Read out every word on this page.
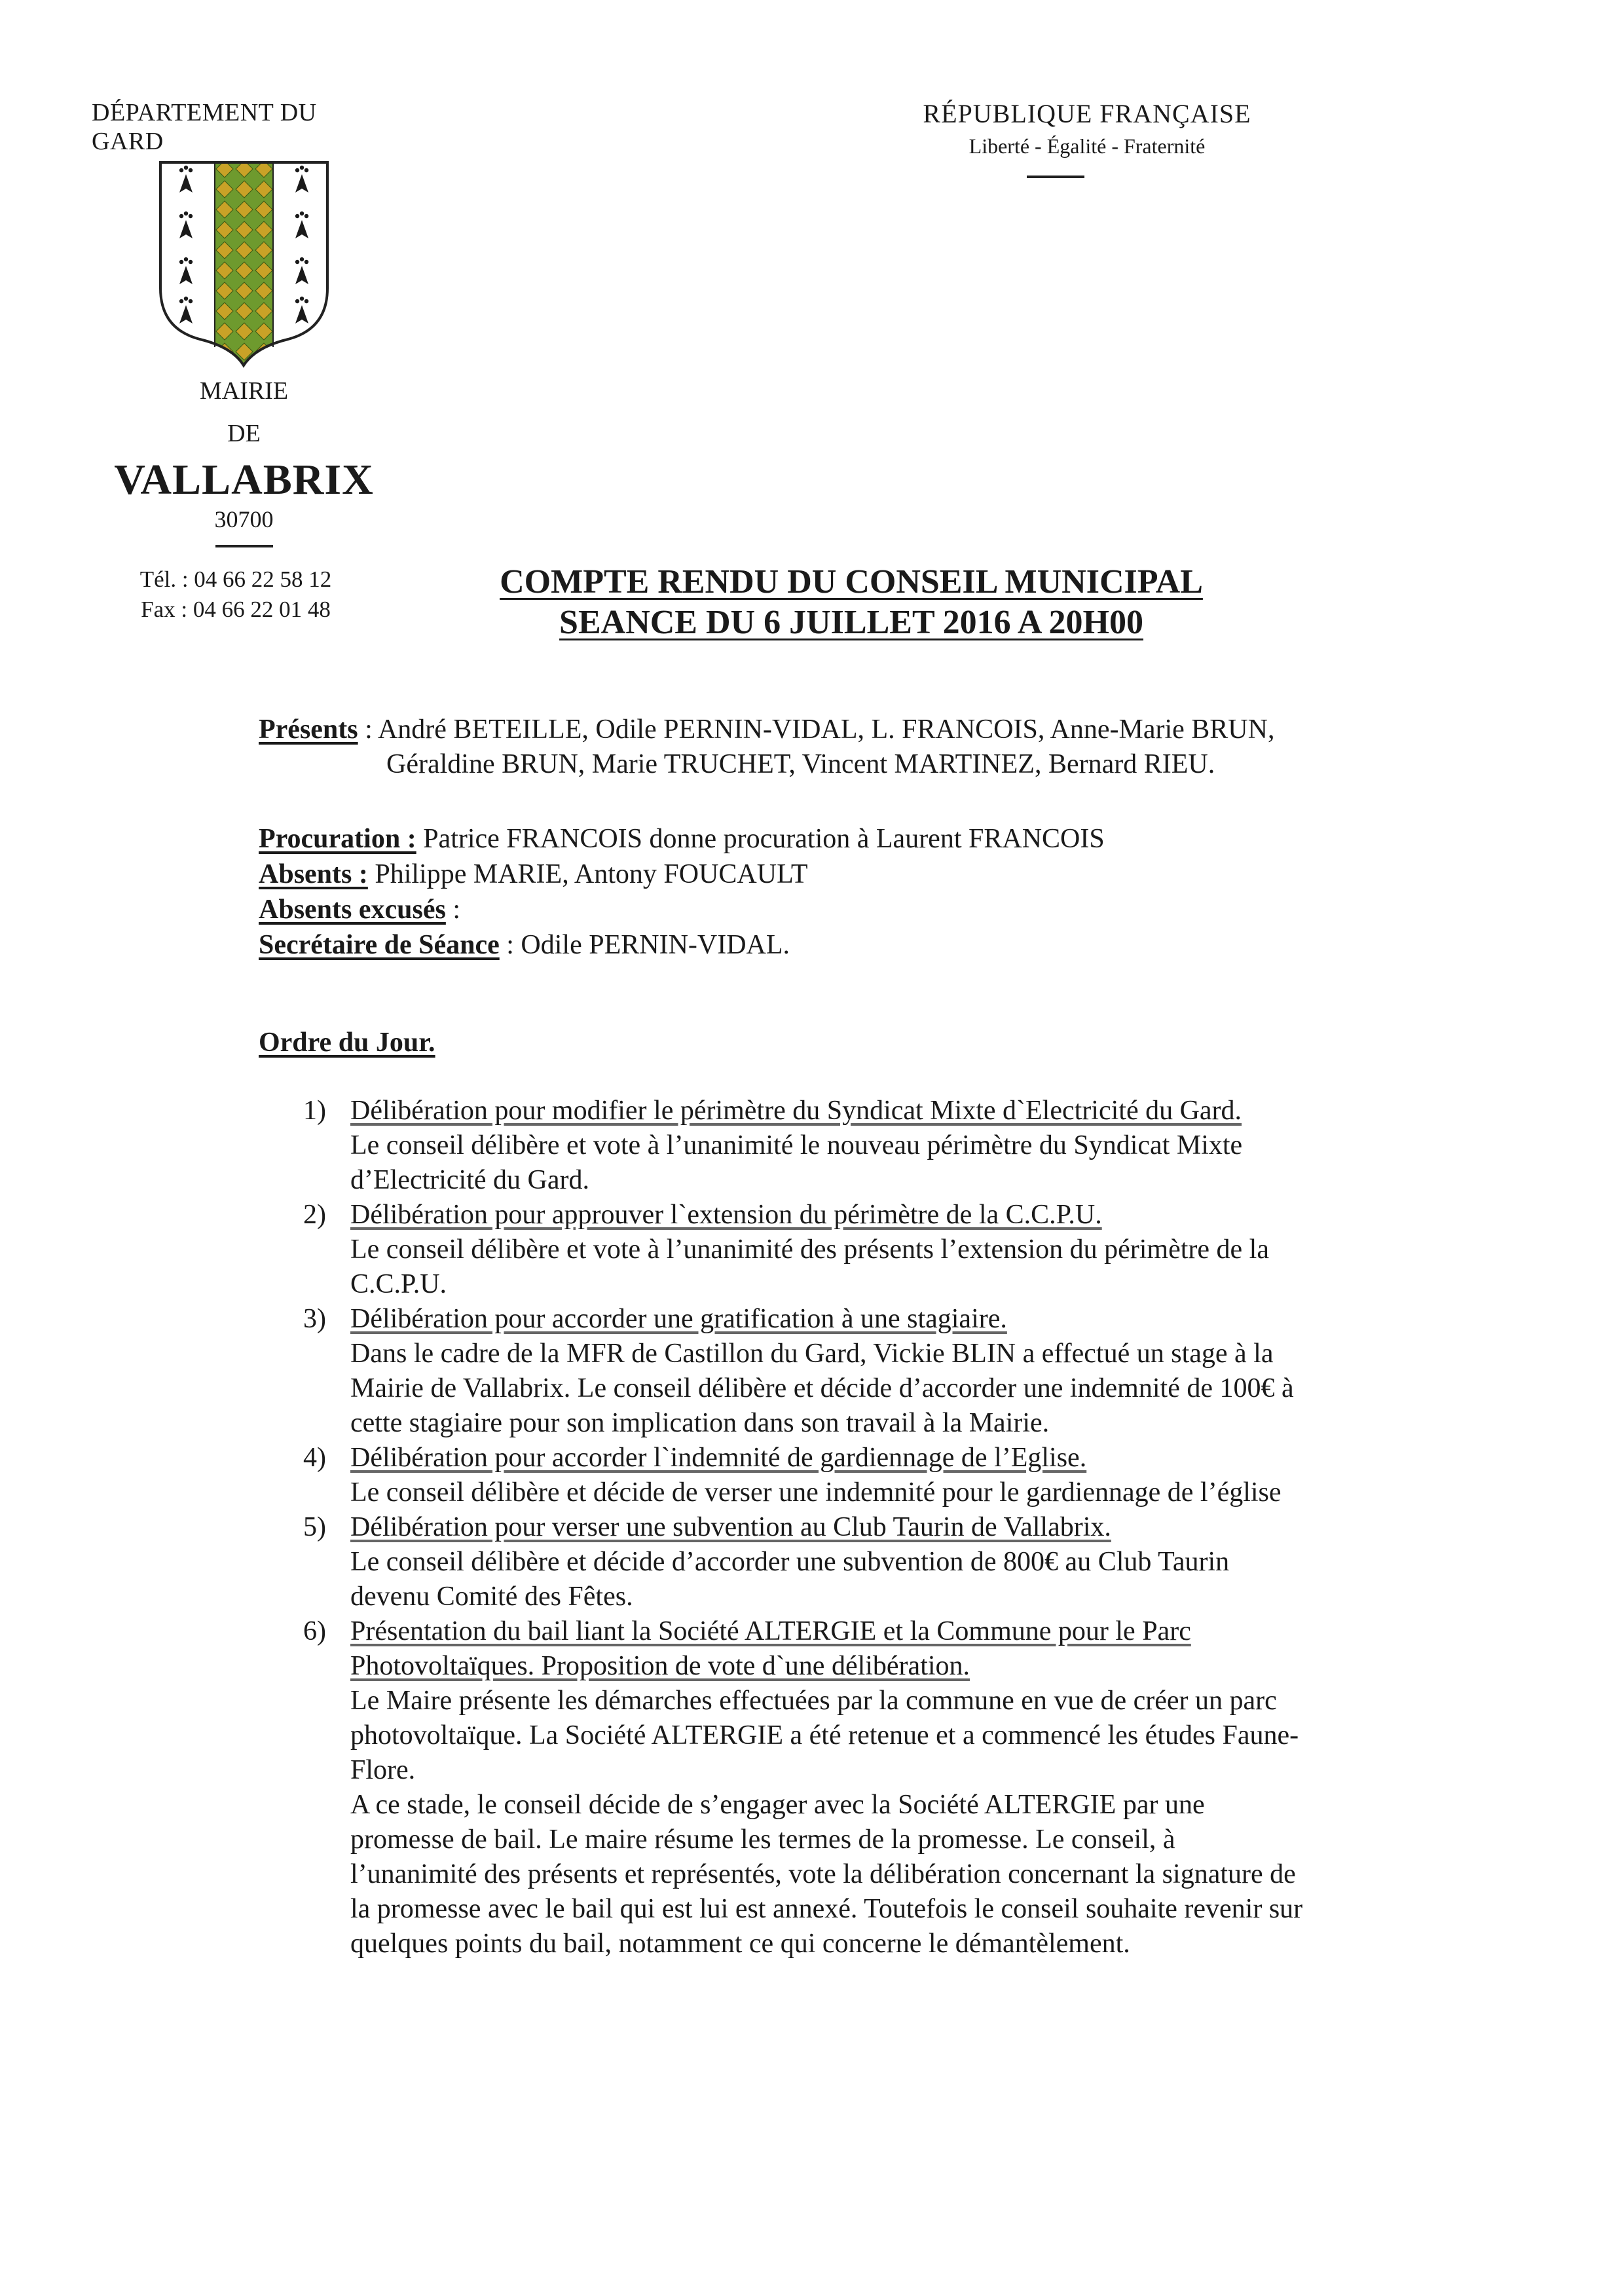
DÉPARTEMENT DU GARD
MAIRIE
DE
VALLABRIX
30700
Tél. : 04 66 22 58 12
Fax : 04 66 22 01 48
RÉPUBLIQUE FRANÇAISE
Liberté - Égalité - Fraternité
COMPTE RENDU DU CONSEIL MUNICIPAL
SEANCE DU 6 JUILLET 2016 A 20H00
Présents : André BETEILLE, Odile PERNIN-VIDAL, L. FRANCOIS, Anne-Marie BRUN,
Géraldine BRUN, Marie TRUCHET, Vincent MARTINEZ, Bernard RIEU.
Procuration : Patrice FRANCOIS donne procuration à Laurent FRANCOIS
Absents : Philippe MARIE, Antony FOUCAULT
Absents excusés :
Secrétaire de Séance : Odile PERNIN-VIDAL.
Ordre du Jour.
1) Délibération pour modifier le périmètre du Syndicat Mixte d`Electricité du Gard.
Le conseil délibère et vote à l’unanimité le nouveau périmètre du Syndicat Mixte
d’Electricité du Gard.
2) Délibération pour approuver l`extension du périmètre de la C.C.P.U.
Le conseil délibère et vote à l’unanimité des présents l’extension du périmètre de la
C.C.P.U.
3) Délibération pour accorder une gratification à une stagiaire.
Dans le cadre de la MFR de Castillon du Gard, Vickie BLIN a effectué un stage à la
Mairie de Vallabrix. Le conseil délibère et décide d’accorder une indemnité de 100€ à
cette stagiaire pour son implication dans son travail à la Mairie.
4) Délibération pour accorder l`indemnité de gardiennage de l’Eglise.
Le conseil délibère et décide de verser une indemnité pour le gardiennage de l’église
5) Délibération pour verser une subvention au Club Taurin de Vallabrix.
Le conseil délibère et décide d’accorder une subvention de 800€ au Club Taurin
devenu Comité des Fêtes.
6) Présentation du bail liant la Société ALTERGIE et la Commune pour le Parc
Photovoltaïques. Proposition de vote d`une délibération.
Le Maire présente les démarches effectuées par la commune en vue de créer un parc
photovoltaïque. La Société ALTERGIE a été retenue et a commencé les études Faune-
Flore.
A ce stade, le conseil décide de s’engager avec la Société ALTERGIE par une
promesse de bail. Le maire résume les termes de la promesse. Le conseil, à
l’unanimité des présents et représentés, vote la délibération concernant la signature de
la promesse avec le bail qui est lui est annexé. Toutefois le conseil souhaite revenir sur
quelques points du bail, notamment ce qui concerne le démantèlement.
